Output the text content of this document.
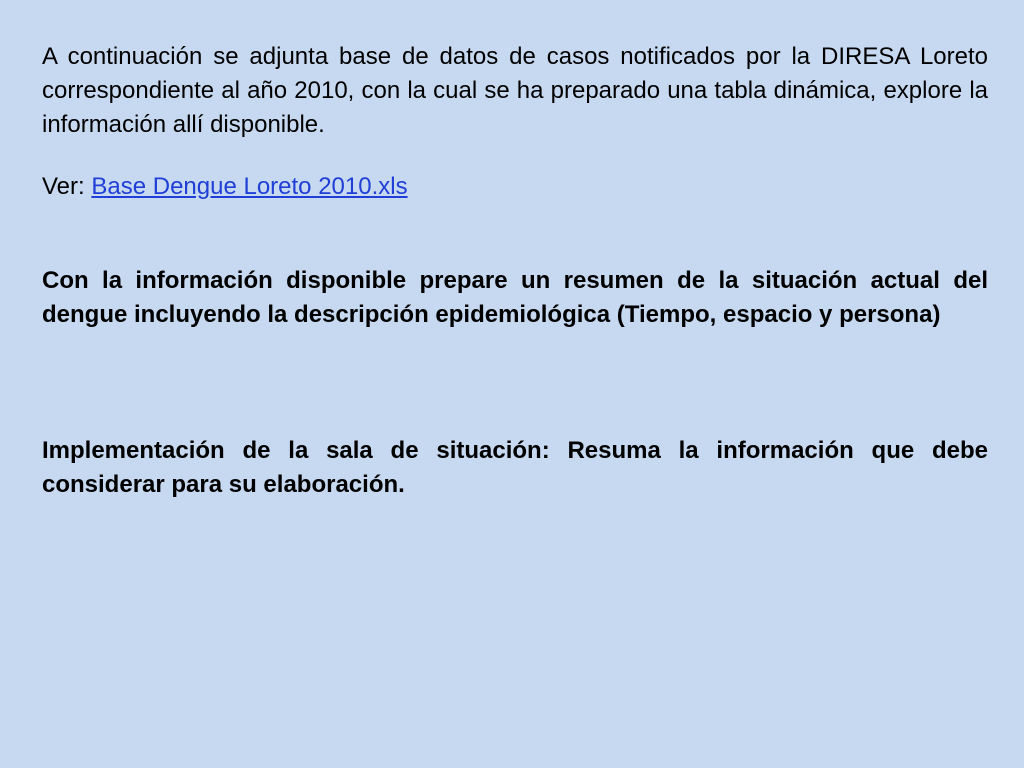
A continuación se adjunta base de datos de casos notificados por la DIRESA Loreto correspondiente al año 2010, con la cual se ha preparado una tabla dinámica, explore la información allí disponible.

Ver: Base Dengue Loreto 2010.xls

Con la información disponible prepare un resumen de la situación actual del dengue incluyendo la descripción epidemiológica (Tiempo, espacio y persona)

Implementación de la sala de situación: Resuma la información que debe considerar para su elaboración.
